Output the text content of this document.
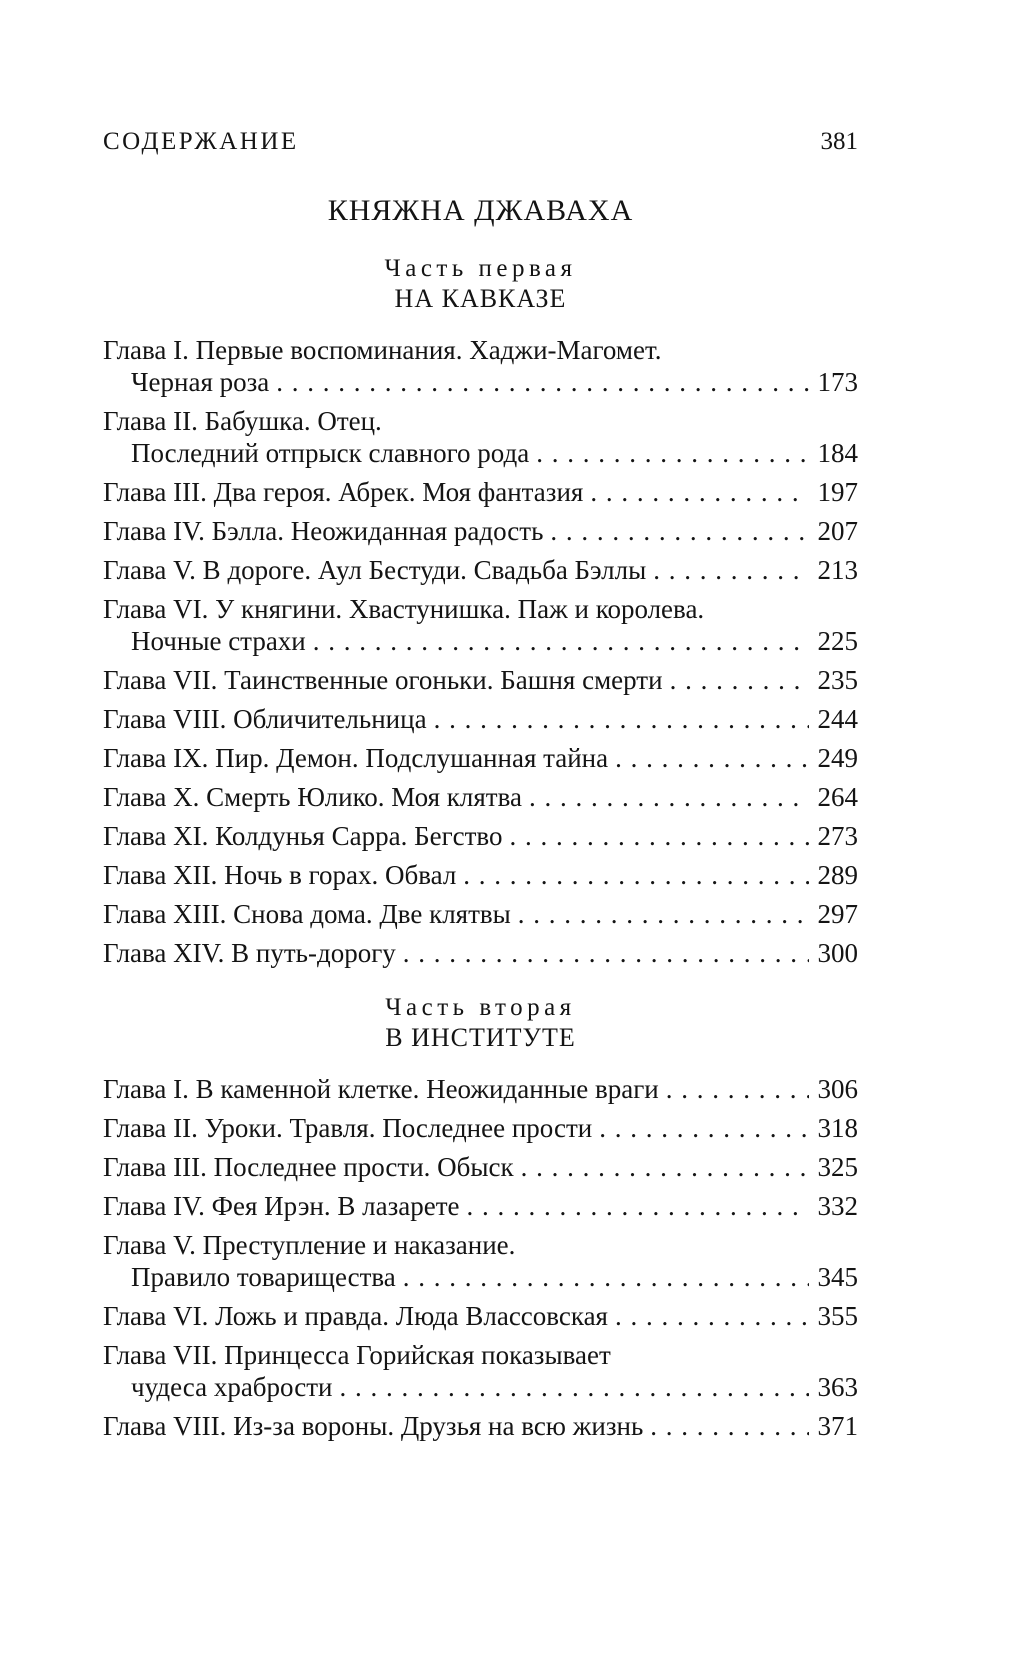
СОДЕРЖАНИЕ	381
КНЯЖНА ДЖАВАХА
Часть первая
НА КАВКАЗЕ
Глава I. Первые воспоминания. Хаджи-Магомет.
Черная роза . . .	173
Глава II. Бабушка. Отец.
Последний отпрыск славного рода . . .	184
Глава III. Два героя. Абрек. Моя фантазия . . .	197
Глава IV. Бэлла. Неожиданная радость . . .	207
Глава V. В дороге. Аул Бестуди. Свадьба Бэллы . . .	213
Глава VI. У княгини. Хвастунишка. Паж и королева.
Ночные страхи . . .	225
Глава VII. Таинственные огоньки. Башня смерти . . .	235
Глава VIII. Обличительница . . .	244
Глава IX. Пир. Демон. Подслушанная тайна . . .	249
Глава X. Смерть Юлико. Моя клятва . . .	264
Глава XI. Колдунья Сарра. Бегство . . .	273
Глава XII. Ночь в горах. Обвал . . .	289
Глава XIII. Снова дома. Две клятвы . . .	297
Глава XIV. В путь-дорогу . . .	300
Часть вторая
В ИНСТИТУТЕ
Глава I. В каменной клетке. Неожиданные враги . . .	306
Глава II. Уроки. Травля. Последнее прости . . .	318
Глава III. Последнее прости. Обыск . . .	325
Глава IV. Фея Ирэн. В лазарете . . .	332
Глава V. Преступление и наказание.
Правило товарищества . . .	345
Глава VI. Ложь и правда. Люда Влассовская . . .	355
Глава VII. Принцесса Горийская показывает
чудеса храбрости . . .	363
Глава VIII. Из-за вороны. Друзья на всю жизнь . . .	371
